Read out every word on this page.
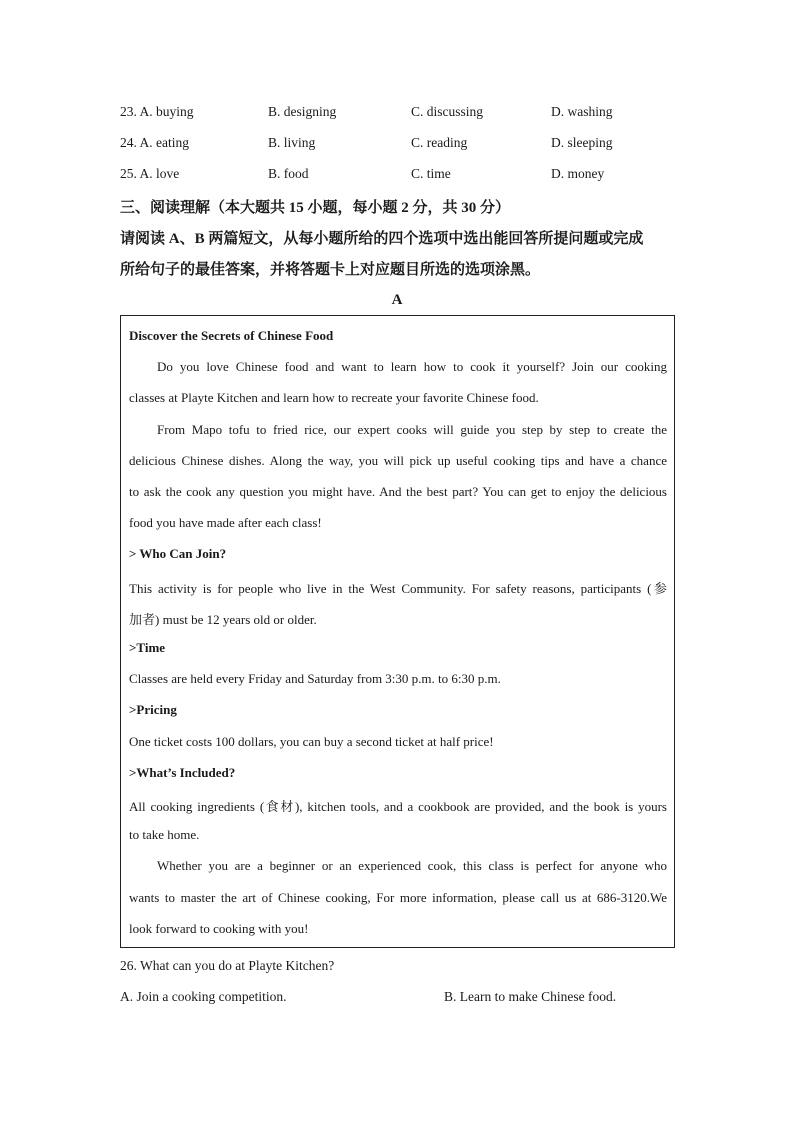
23. A. buying	B. designing	C. discussing	D. washing
24. A. eating	B. living	C. reading	D. sleeping
25. A. love	B. food	C. time	D. money
三、阅读理解（本大题共 15 小题，每小题 2 分，共 30 分）
请阅读 A、B 两篇短文，从每小题所给的四个选项中选出能回答所提问题或完成
所给句子的最佳答案，并将答题卡上对应题目所选的选项涂黑。
A
Discover the Secrets of Chinese Food
Do you love Chinese food and want to learn how to cook it yourself? Join our cooking
classes at Playte Kitchen and learn how to recreate your favorite Chinese food.
From Mapo tofu to fried rice, our expert cooks will guide you step by step to create the
delicious Chinese dishes. Along the way, you will pick up useful cooking tips and have a chance
to ask the cook any question you might have. And the best part? You can get to enjoy the delicious
food you have made after each class!
> Who Can Join?
This activity is for people who live in the West Community. For safety reasons, participants (参
加者) must be 12 years old or older.
>Time
Classes are held every Friday and Saturday from 3:30 p.m. to 6:30 p.m.
>Pricing
One ticket costs 100 dollars, you can buy a second ticket at half price!
>What’s Included?
All cooking ingredients (食材), kitchen tools, and a cookbook are provided, and the book is yours
to take home.
Whether you are a beginner or an experienced cook, this class is perfect for anyone who
wants to master the art of Chinese cooking, For more information, please call us at 686-3120.We
look forward to cooking with you!
26. What can you do at Playte Kitchen?
A. Join a cooking competition.	B. Learn to make Chinese food.
